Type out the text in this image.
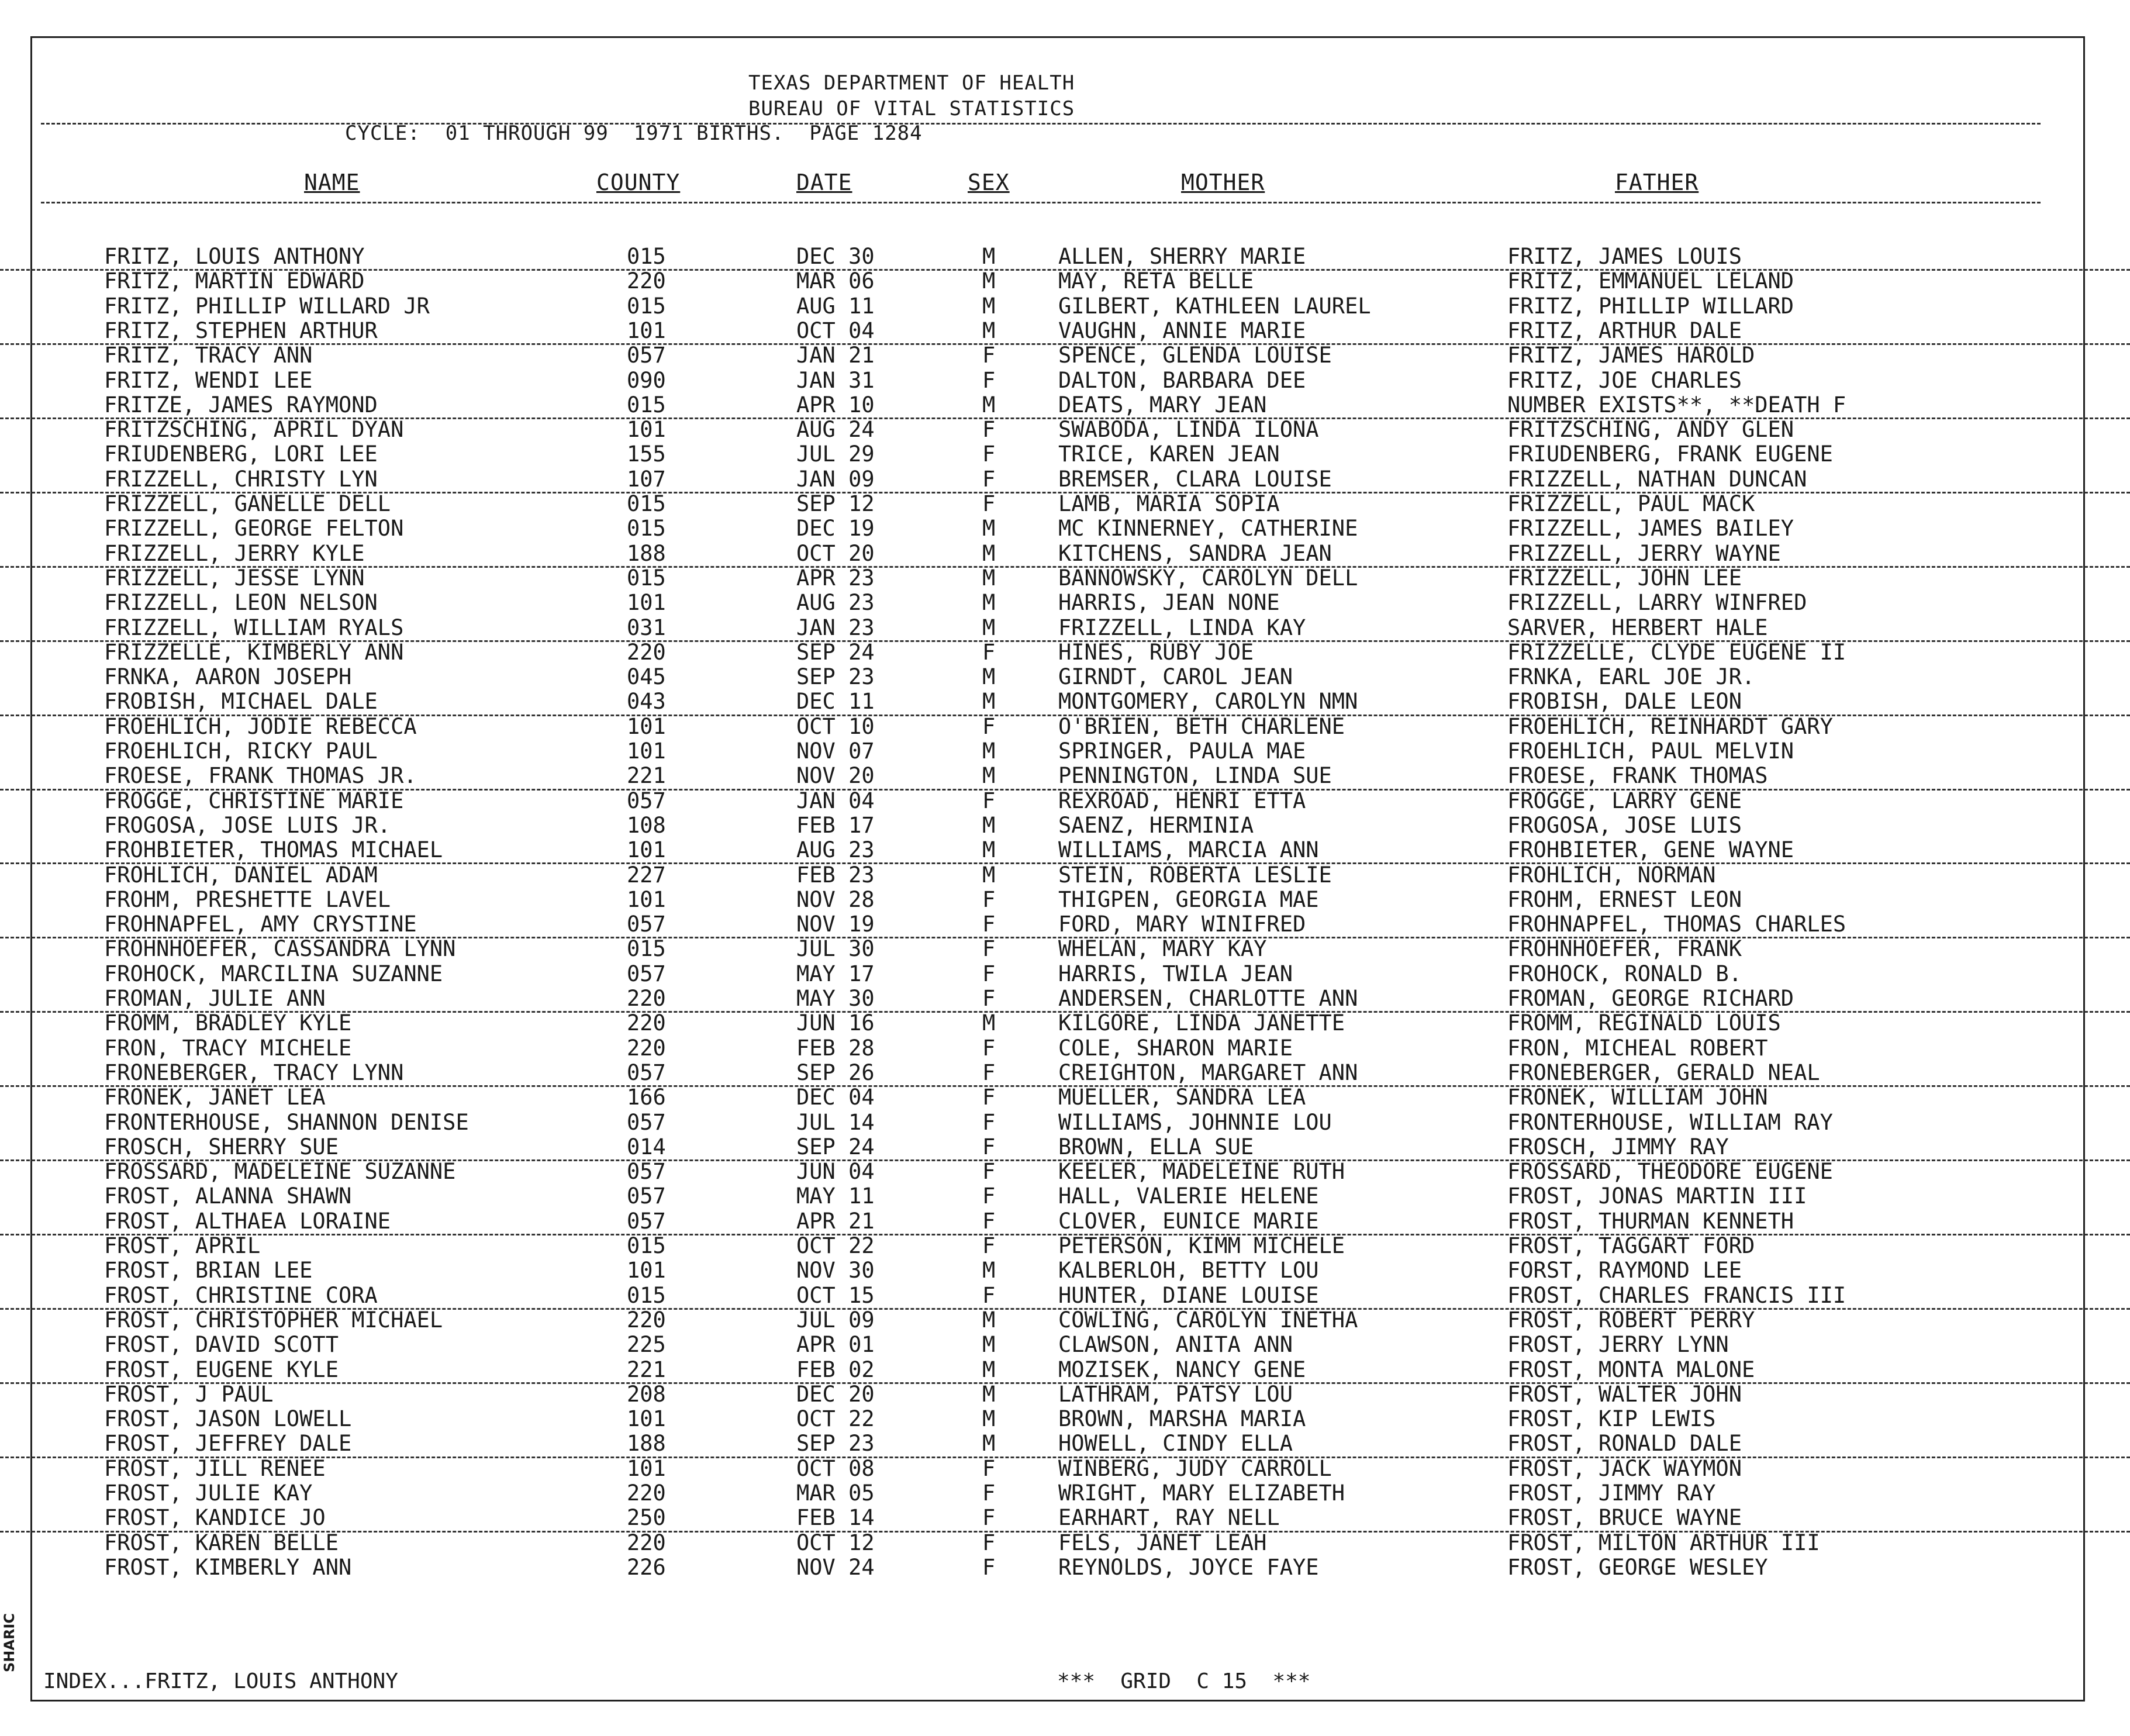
TEXAS DEPARTMENT OF HEALTH
BUREAU OF VITAL STATISTICS
CYCLE:  01 THROUGH 99  1971 BIRTHS.  PAGE 1284
NAME	COUNTY	DATE	SEX	MOTHER	FATHER
FRITZ, LOUIS ANTHONY	015	DEC 30	M	ALLEN, SHERRY MARIE	FRITZ, JAMES LOUIS
FRITZ, MARTIN EDWARD	220	MAR 06	M	MAY, RETA BELLE	FRITZ, EMMANUEL LELAND
FRITZ, PHILLIP WILLARD JR	015	AUG 11	M	GILBERT, KATHLEEN LAUREL	FRITZ, PHILLIP WILLARD
FRITZ, STEPHEN ARTHUR	101	OCT 04	M	VAUGHN, ANNIE MARIE	FRITZ, ARTHUR DALE
FRITZ, TRACY ANN	057	JAN 21	F	SPENCE, GLENDA LOUISE	FRITZ, JAMES HAROLD
FRITZ, WENDI LEE	090	JAN 31	F	DALTON, BARBARA DEE	FRITZ, JOE CHARLES
FRITZE, JAMES RAYMOND	015	APR 10	M	DEATS, MARY JEAN	NUMBER EXISTS**, **DEATH F
FRITZSCHING, APRIL DYAN	101	AUG 24	F	SWABODA, LINDA ILONA	FRITZSCHING, ANDY GLEN
FRIUDENBERG, LORI LEE	155	JUL 29	F	TRICE, KAREN JEAN	FRIUDENBERG, FRANK EUGENE
FRIZZELL, CHRISTY LYN	107	JAN 09	F	BREMSER, CLARA LOUISE	FRIZZELL, NATHAN DUNCAN
FRIZZELL, GANELLE DELL	015	SEP 12	F	LAMB, MARIA SOPIA	FRIZZELL, PAUL MACK
FRIZZELL, GEORGE FELTON	015	DEC 19	M	MC KINNERNEY, CATHERINE	FRIZZELL, JAMES BAILEY
FRIZZELL, JERRY KYLE	188	OCT 20	M	KITCHENS, SANDRA JEAN	FRIZZELL, JERRY WAYNE
FRIZZELL, JESSE LYNN	015	APR 23	M	BANNOWSKY, CAROLYN DELL	FRIZZELL, JOHN LEE
FRIZZELL, LEON NELSON	101	AUG 23	M	HARRIS, JEAN NONE	FRIZZELL, LARRY WINFRED
FRIZZELL, WILLIAM RYALS	031	JAN 23	M	FRIZZELL, LINDA KAY	SARVER, HERBERT HALE
FRIZZELLE, KIMBERLY ANN	220	SEP 24	F	HINES, RUBY JOE	FRIZZELLE, CLYDE EUGENE II
FRNKA, AARON JOSEPH	045	SEP 23	M	GIRNDT, CAROL JEAN	FRNKA, EARL JOE JR.
FROBISH, MICHAEL DALE	043	DEC 11	M	MONTGOMERY, CAROLYN NMN	FROBISH, DALE LEON
FROEHLICH, JODIE REBECCA	101	OCT 10	F	O'BRIEN, BETH CHARLENE	FROEHLICH, REINHARDT GARY
FROEHLICH, RICKY PAUL	101	NOV 07	M	SPRINGER, PAULA MAE	FROEHLICH, PAUL MELVIN
FROESE, FRANK THOMAS JR.	221	NOV 20	M	PENNINGTON, LINDA SUE	FROESE, FRANK THOMAS
FROGGE, CHRISTINE MARIE	057	JAN 04	F	REXROAD, HENRI ETTA	FROGGE, LARRY GENE
FROGOSA, JOSE LUIS JR.	108	FEB 17	M	SAENZ, HERMINIA	FROGOSA, JOSE LUIS
FROHBIETER, THOMAS MICHAEL	101	AUG 23	M	WILLIAMS, MARCIA ANN	FROHBIETER, GENE WAYNE
FROHLICH, DANIEL ADAM	227	FEB 23	M	STEIN, ROBERTA LESLIE	FROHLICH, NORMAN
FROHM, PRESHETTE LAVEL	101	NOV 28	F	THIGPEN, GEORGIA MAE	FROHM, ERNEST LEON
FROHNAPFEL, AMY CRYSTINE	057	NOV 19	F	FORD, MARY WINIFRED	FROHNAPFEL, THOMAS CHARLES
FROHNHOEFER, CASSANDRA LYNN	015	JUL 30	F	WHELAN, MARY KAY	FROHNHOEFER, FRANK
FROHOCK, MARCILINA SUZANNE	057	MAY 17	F	HARRIS, TWILA JEAN	FROHOCK, RONALD B.
FROMAN, JULIE ANN	220	MAY 30	F	ANDERSEN, CHARLOTTE ANN	FROMAN, GEORGE RICHARD
FROMM, BRADLEY KYLE	220	JUN 16	M	KILGORE, LINDA JANETTE	FROMM, REGINALD LOUIS
FRON, TRACY MICHELE	220	FEB 28	F	COLE, SHARON MARIE	FRON, MICHEAL ROBERT
FRONEBERGER, TRACY LYNN	057	SEP 26	F	CREIGHTON, MARGARET ANN	FRONEBERGER, GERALD NEAL
FRONEK, JANET LEA	166	DEC 04	F	MUELLER, SANDRA LEA	FRONEK, WILLIAM JOHN
FRONTERHOUSE, SHANNON DENISE	057	JUL 14	F	WILLIAMS, JOHNNIE LOU	FRONTERHOUSE, WILLIAM RAY
FROSCH, SHERRY SUE	014	SEP 24	F	BROWN, ELLA SUE	FROSCH, JIMMY RAY
FROSSARD, MADELEINE SUZANNE	057	JUN 04	F	KEELER, MADELEINE RUTH	FROSSARD, THEODORE EUGENE
FROST, ALANNA SHAWN	057	MAY 11	F	HALL, VALERIE HELENE	FROST, JONAS MARTIN III
FROST, ALTHAEA LORAINE	057	APR 21	F	CLOVER, EUNICE MARIE	FROST, THURMAN KENNETH
FROST, APRIL	015	OCT 22	F	PETERSON, KIMM MICHELE	FROST, TAGGART FORD
FROST, BRIAN LEE	101	NOV 30	M	KALBERLOH, BETTY LOU	FORST, RAYMOND LEE
FROST, CHRISTINE CORA	015	OCT 15	F	HUNTER, DIANE LOUISE	FROST, CHARLES FRANCIS III
FROST, CHRISTOPHER MICHAEL	220	JUL 09	M	COWLING, CAROLYN INETHA	FROST, ROBERT PERRY
FROST, DAVID SCOTT	225	APR 01	M	CLAWSON, ANITA ANN	FROST, JERRY LYNN
FROST, EUGENE KYLE	221	FEB 02	M	MOZISEK, NANCY GENE	FROST, MONTA MALONE
FROST, J PAUL	208	DEC 20	M	LATHRAM, PATSY LOU	FROST, WALTER JOHN
FROST, JASON LOWELL	101	OCT 22	M	BROWN, MARSHA MARIA	FROST, KIP LEWIS
FROST, JEFFREY DALE	188	SEP 23	M	HOWELL, CINDY ELLA	FROST, RONALD DALE
FROST, JILL RENEE	101	OCT 08	F	WINBERG, JUDY CARROLL	FROST, JACK WAYMON
FROST, JULIE KAY	220	MAR 05	F	WRIGHT, MARY ELIZABETH	FROST, JIMMY RAY
FROST, KANDICE JO	250	FEB 14	F	EARHART, RAY NELL	FROST, BRUCE WAYNE
FROST, KAREN BELLE	220	OCT 12	F	FELS, JANET LEAH	FROST, MILTON ARTHUR III
FROST, KIMBERLY ANN	226	NOV 24	F	REYNOLDS, JOYCE FAYE	FROST, GEORGE WESLEY
INDEX...FRITZ, LOUIS ANTHONY	***  GRID  C 15  ***
SHARIC
